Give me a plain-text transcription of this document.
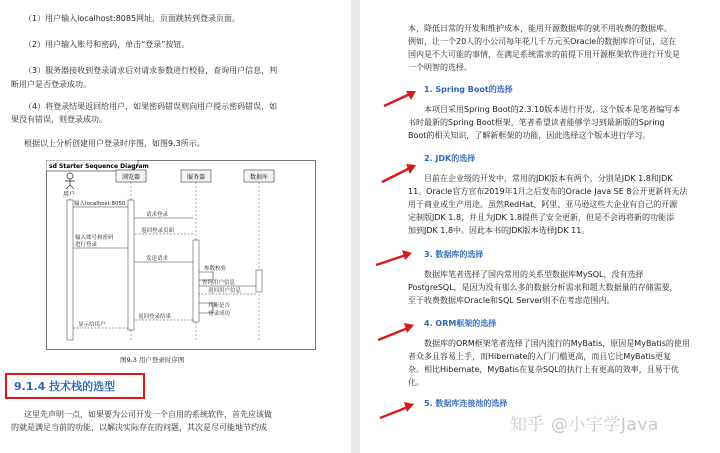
（1）用户输入localhost:8085网址，页面跳转到登录页面。

（2）用户输入账号和密码，单击“登录”按钮。

（3）服务器接收到登录请求后对请求参数进行校验，查询用户信息，判

断用户是否登录成功。

（4）将登录结果返回给用户，如果密码错误则向用户提示密码错误，如

果没有错误，则登录成功。

根据以上分析创建用户登录时序图，如图9.3所示。

sd Starter Sequence Diagram
用户
浏览器	服务器	数据库
输入localhost:8050
请求登录
返回登录页面
输入账号和密码
进行登录
发送请求
参数校验
查询用户信息
返回用户信息
判断是否
登录成功
返回登录结果
显示给用户
图9.3 用户登录时序图
9.1.4 技术栈的选型

这里先声明一点，如果要为公司开发一个自用的系统软件，首先应该做

的就是满足当前的功能，以解决实际存在的问题，其次是尽可能地节约成

本，降低日常的开发和维护成本，能用开源数据库的就不用收费的数据库。

例如，让一个20人的小公司每年花几千万元买Oracle的数据库许可证，这在

国内是不大可能的事情，在满足系统需求的前提下用开源框架软件进行开发是

一个明智的选择。

1. Spring Boot的选择

本项目采用Spring Boot的2.3.10版本进行开发，这个版本是笔者编写本

书时最新的Spring Boot框架，笔者希望读者能够学习到最新版的Spring

Boot的相关知识，了解新框架的功能，因此选择这个版本进行学习。

2. JDK的选择

目前在企业级的开发中，常用的JDK版本有两个，分别是JDK 1.8和JDK

11。Oracle官方宣布2019年1月之后发布的Oracle Java SE 8公开更新将无法

用于商业或生产用途。虽然RedHat、阿里、亚马逊这些大企业有自己的开源

定制版JDK 1.8，并且为JDK 1.8提供了安全更新，但是不会再将新的功能添

加到JDK 1.8中。因此本书的JDK版本选择JDK 11。

3. 数据库的选择

数据库笔者选择了国内常用的关系型数据库MySQL，没有选择

PostgreSQL，是因为没有那么多的数据分析需求和超大数据量的存储需要，

至于收费数据库Oracle和SQL Server则不在考虑范围内。

4. ORM框架的选择

数据库的ORM框架笔者选择了国内流行的MyBatis，原因是MyBatis的使用

者众多且容易上手，而Hibernate的入门门槛更高，而且它比MyBatis更复

杂。相比Hibernate，MyBatis在复杂SQL的执行上有更高的效率，且易于优

化。

5. 数据库连接池的选择
知乎 @小宇学Java
